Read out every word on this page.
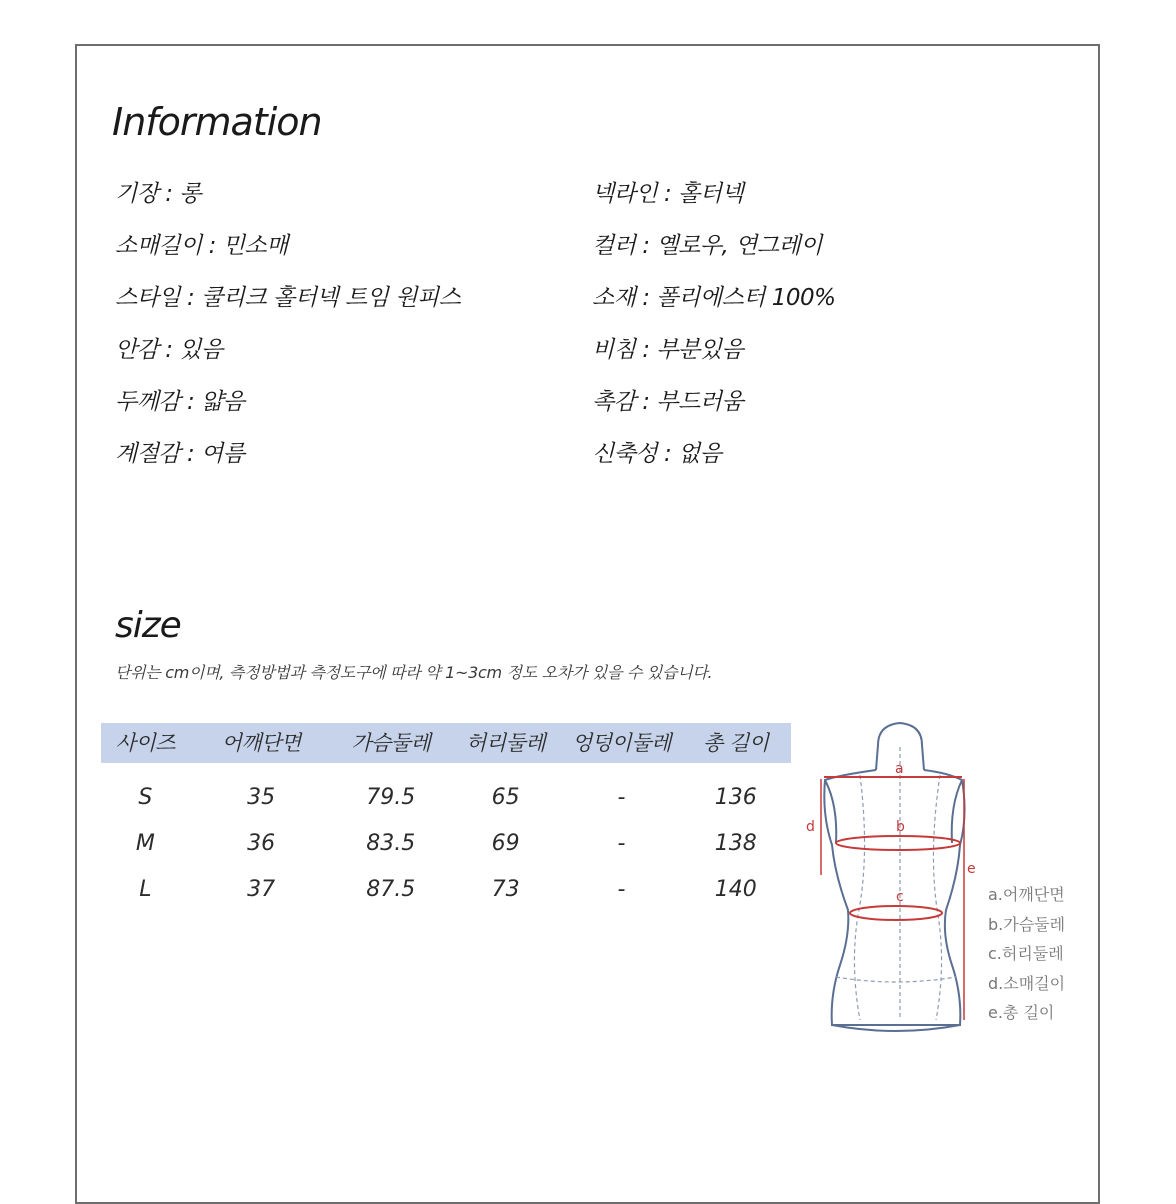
Information
기장 : 롱
소매길이 : 민소매
스타일 : 쿨리크 홀터넥 트임 원피스
안감 : 있음
두께감 : 얇음
계절감 : 여름
넥라인 : 홀터넥
컬러 : 옐로우, 연그레이
소재 : 폴리에스터 100%
비침 : 부분있음
촉감 : 부드러움
신축성 : 없음
size
단위는 cm이며, 측정방법과 측정도구에 따라 약 1~3cm 정도 오차가 있을 수 있습니다.
사이즈	어깨단면	가슴둘레	허리둘레	엉덩이둘레	총 길이
S	35	79.5	65	-	136
M	36	83.5	69	-	138
L	37	87.5	73	-	140
a
b
c
d
e
a.어깨단면
b.가슴둘레
c.허리둘레
d.소매길이
e.총 길이
